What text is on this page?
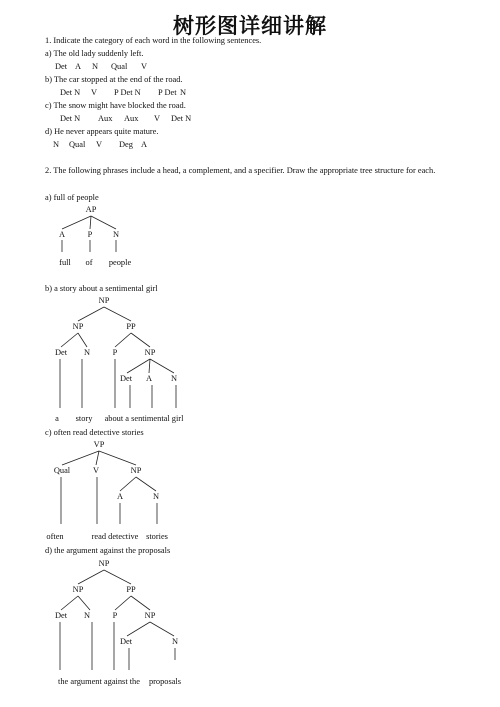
树形图详细讲解
1. Indicate the category of each word in the following sentences.
a) The old lady suddenly left.
Det A N Qual V
b) The car stopped at the end of the road.
Det N V P Det N P Det N
c) The snow might have blocked the road.
Det N Aux Aux V Det N
d) He never appears quite mature.
N Qual V Deg A
2. The following phrases include a head, a complement, and a specifier. Draw the appropriate tree structure for each.
a) full of people
AP
A	P N
full of people
b) a story about a sentimental girl
NP
NP	PP
Det N	P	NP
Det A N
a story about a sentimental girl
c) often read detective stories
VP
Qual	V	NP
A	N
often	read detective stories
d) the argument against the proposals
NP
NP	PP
Det N	P	NP
Det	N
the argument against the proposals
